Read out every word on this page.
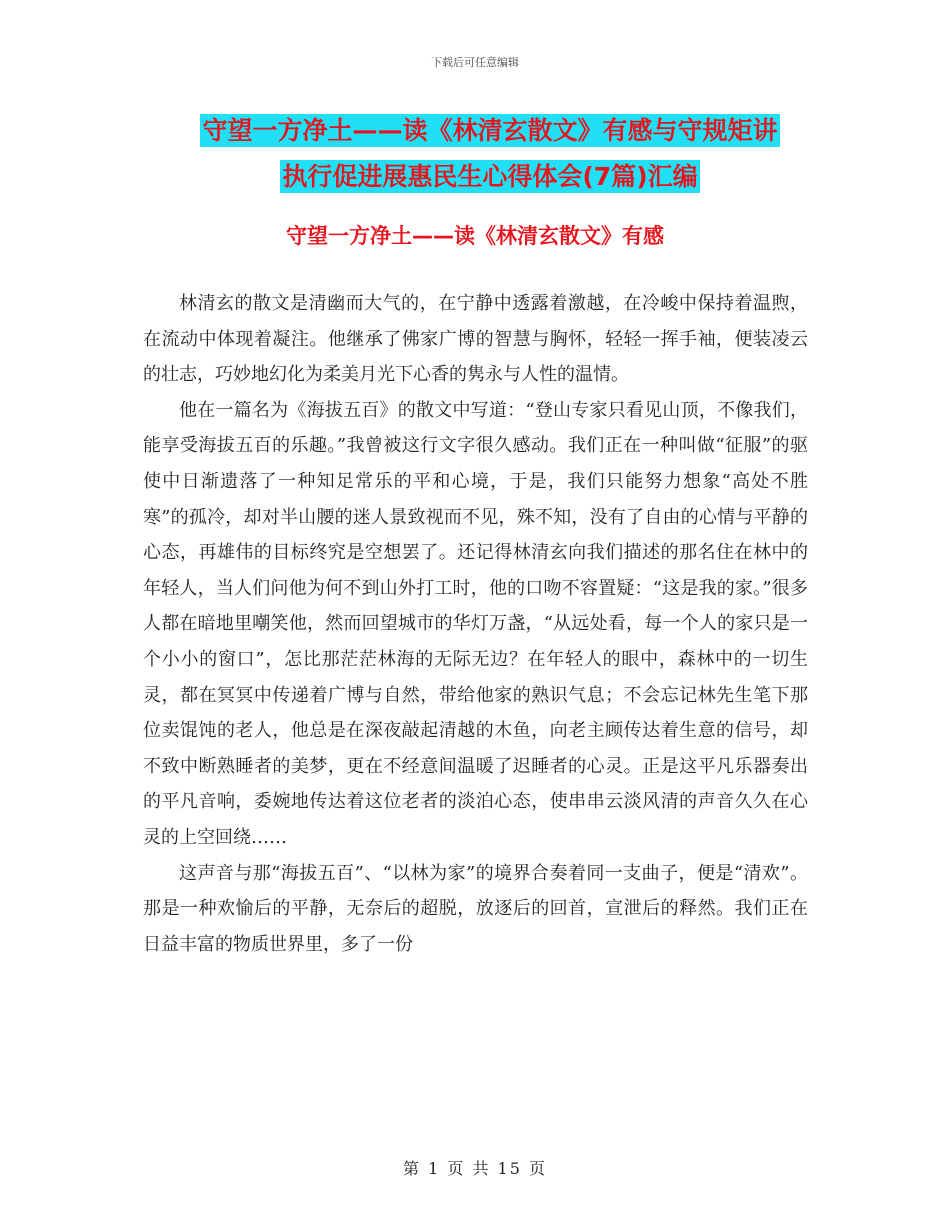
下载后可任意编辑
守望一方净土——读《林清玄散文》有感与守规矩讲
执行促进展惠民生心得体会(7篇)汇编
守望一方净土——读《林清玄散文》有感

林清玄的散文是清幽而大气的，在宁静中透露着激越，在冷峻中保持着温煦，在流动中体现着凝注。他继承了佛家广博的智慧与胸怀，轻轻一挥手袖，便装凌云的壮志，巧妙地幻化为柔美月光下心香的隽永与人性的温情。

他在一篇名为《海拔五百》的散文中写道：“登山专家只看见山顶，不像我们，能享受海拔五百的乐趣。”我曾被这行文字很久感动。我们正在一种叫做“征服”的驱使中日渐遗落了一种知足常乐的平和心境，于是，我们只能努力想象“高处不胜寒”的孤冷，却对半山腰的迷人景致视而不见，殊不知，没有了自由的心情与平静的心态，再雄伟的目标终究是空想罢了。还记得林清玄向我们描述的那名住在林中的年轻人，当人们问他为何不到山外打工时，他的口吻不容置疑：“这是我的家。”很多人都在暗地里嘲笑他，然而回望城市的华灯万盏，“从远处看，每一个人的家只是一个小小的窗口”，怎比那茫茫林海的无际无边？在年轻人的眼中，森林中的一切生灵，都在冥冥中传递着广博与自然，带给他家的熟识气息；不会忘记林先生笔下那位卖馄饨的老人，他总是在深夜敲起清越的木鱼，向老主顾传达着生意的信号，却不致中断熟睡者的美梦，更在不经意间温暖了迟睡者的心灵。正是这平凡乐器奏出的平凡音响，委婉地传达着这位老者的淡泊心态，使串串云淡风清的声音久久在心灵的上空回绕……

这声音与那“海拔五百”、“以林为家”的境界合奏着同一支曲子，便是“清欢”。那是一种欢愉后的平静，无奈后的超脱，放逐后的回首，宣泄后的释然。我们正在日益丰富的物质世界里，多了一份

第 1 页 共 15 页
